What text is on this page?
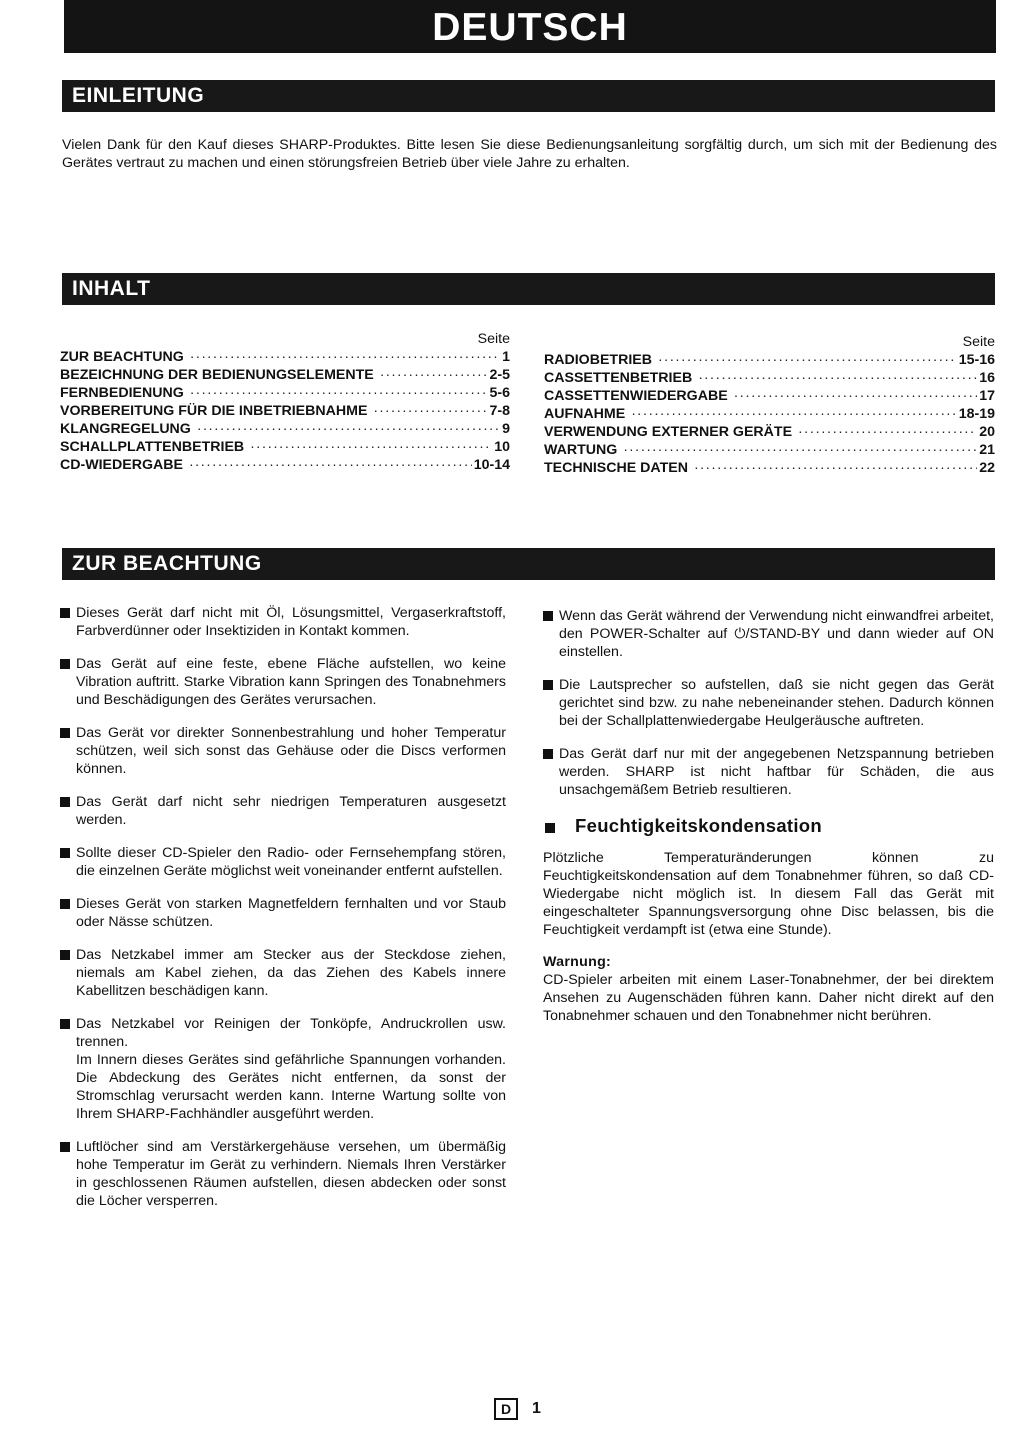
DEUTSCH
EINLEITUNG

Vielen Dank für den Kauf dieses SHARP-Produktes. Bitte lesen Sie diese Bedienungsanleitung sorgfältig durch, um sich mit der Bedienung des Gerätes vertraut zu machen und einen störungsfreien Betrieb über viele Jahre zu erhalten.

INHALT
Seite
ZUR BEACHTUNG ·····	1
BEZEICHNUNG DER BEDIENUNGSELEMENTE ·····	2-5
FERNBEDIENUNG ·····	5-6
VORBEREITUNG FÜR DIE INBETRIEBNAHME ·····	7-8
KLANGREGELUNG ·····	9
SCHALLPLATTENBETRIEB ·····	10
CD-WIEDERGABE ·····	10-14
Seite
RADIOBETRIEB ·····	15-16
CASSETTENBETRIEB ·····	16
CASSETTENWIEDERGABE ·····	17
AUFNAHME ·····	18-19
VERWENDUNG EXTERNER GERÄTE ·····	20
WARTUNG ·····	21
TECHNISCHE DATEN ·····	22
ZUR BEACHTUNG

Dieses Gerät darf nicht mit Öl, Lösungsmittel, Vergaserkraftstoff, Farbverdünner oder Insektiziden in Kontakt kommen.

Das Gerät auf eine feste, ebene Fläche aufstellen, wo keine Vibration auftritt. Starke Vibration kann Springen des Tonabnehmers und Beschädigungen des Gerätes verursachen.

Das Gerät vor direkter Sonnenbestrahlung und hoher Temperatur schützen, weil sich sonst das Gehäuse oder die Discs verformen können.

Das Gerät darf nicht sehr niedrigen Temperaturen ausgesetzt werden.

Sollte dieser CD-Spieler den Radio- oder Fernsehempfang stören, die einzelnen Geräte möglichst weit voneinander entfernt aufstellen.

Dieses Gerät von starken Magnetfeldern fernhalten und vor Staub oder Nässe schützen.

Das Netzkabel immer am Stecker aus der Steckdose ziehen, niemals am Kabel ziehen, da das Ziehen des Kabels innere Kabellitzen beschädigen kann.

Das Netzkabel vor Reinigen der Tonköpfe, Andruckrollen usw. trennen.
Im Innern dieses Gerätes sind gefährliche Spannungen vorhanden. Die Abdeckung des Gerätes nicht entfernen, da sonst der Stromschlag verursacht werden kann. Interne Wartung sollte von Ihrem SHARP-Fachhändler ausgeführt werden.

Luftlöcher sind am Verstärkergehäuse versehen, um übermäßig hohe Temperatur im Gerät zu verhindern. Niemals Ihren Verstärker in geschlossenen Räumen aufstellen, diesen abdecken oder sonst die Löcher versperren.

Wenn das Gerät während der Verwendung nicht einwandfrei arbeitet, den POWER-Schalter auf ⏻/STAND-BY und dann wieder auf ON einstellen.

Die Lautsprecher so aufstellen, daß sie nicht gegen das Gerät gerichtet sind bzw. zu nahe nebeneinander stehen. Dadurch können bei der Schallplattenwiedergabe Heulgeräusche auftreten.

Das Gerät darf nur mit der angegebenen Netzspannung betrieben werden. SHARP ist nicht haftbar für Schäden, die aus unsachgemäßem Betrieb resultieren.

Feuchtigkeitskondensation

Plötzliche Temperaturänderungen können zu Feuchtigkeitskondensation auf dem Tonabnehmer führen, so daß CD-Wiedergabe nicht möglich ist. In diesem Fall das Gerät mit eingeschalteter Spannungsversorgung ohne Disc belassen, bis die Feuchtigkeit verdampft ist (etwa eine Stunde).

Warnung:

CD-Spieler arbeiten mit einem Laser-Tonabnehmer, der bei direktem Ansehen zu Augenschäden führen kann. Daher nicht direkt auf den Tonabnehmer schauen und den Tonabnehmer nicht berühren.

D	1
